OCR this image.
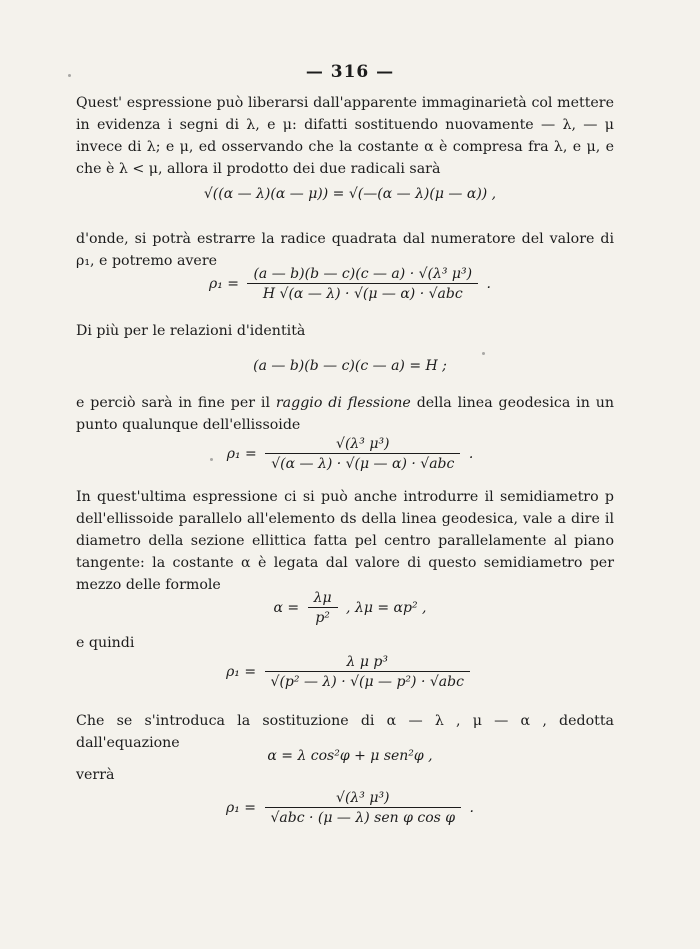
— 316 —
Quest' espressione può liberarsi dall'apparente immaginarietà col mettere in evidenza i segni di λ, e μ: difatti sostituendo nuovamente — λ, — μ invece di λ; e μ, ed osservando che la costante α è compresa fra λ, e μ, e che è λ < μ, allora il prodotto dei due radicali sarà
√((α — λ)(α — μ)) = √(—(α — λ)(μ — α)) ,
d'onde, si potrà estrarre la radice quadrata dal numeratore del valore di ρ₁, e potremo avere
$\rho_1 = \frac{\text{(a — b)(b — c)(c — a) · √(λ³ μ³)}}{\text{H √(α — λ) · √(μ — α) · √abc}}$ .
Di più per le relazioni d'identità
(a — b)(b — c)(c — a) = H ;
e perciò sarà in fine per il raggio di flessione della linea geodesica in un punto qualunque dell'ellissoide
$\rho_1 = \frac{\text{√(λ³ μ³)}}{\text{√(α — λ) · √(μ — α) · √abc}}$ .
In quest'ultima espressione ci si può anche introdurre il semidiametro p dell'ellissoide parallelo all'elemento ds della linea geodesica, vale a dire il diametro della sezione ellittica fatta pel centro parallelamente al piano tangente: la costante α è legata dal valore di questo semidiametro per mezzo delle formole
$\alpha = \frac{\lambda\mu}{\text{p²}}$ , λμ = αp² ,
e quindi
$\rho_1 = \frac{\text{λ μ p³}}{\text{√(p² — λ) · √(μ — p²) · √abc}}$
Che se s'introduca la sostituzione di α — λ , μ — α , dedotta dall'equazione
α = λ cos²φ + μ sen²φ ,
verrà
$\rho_1 = \frac{\text{√(λ³ μ³)}}{\text{√abc · (μ — λ) sen φ cos φ}}$ .
